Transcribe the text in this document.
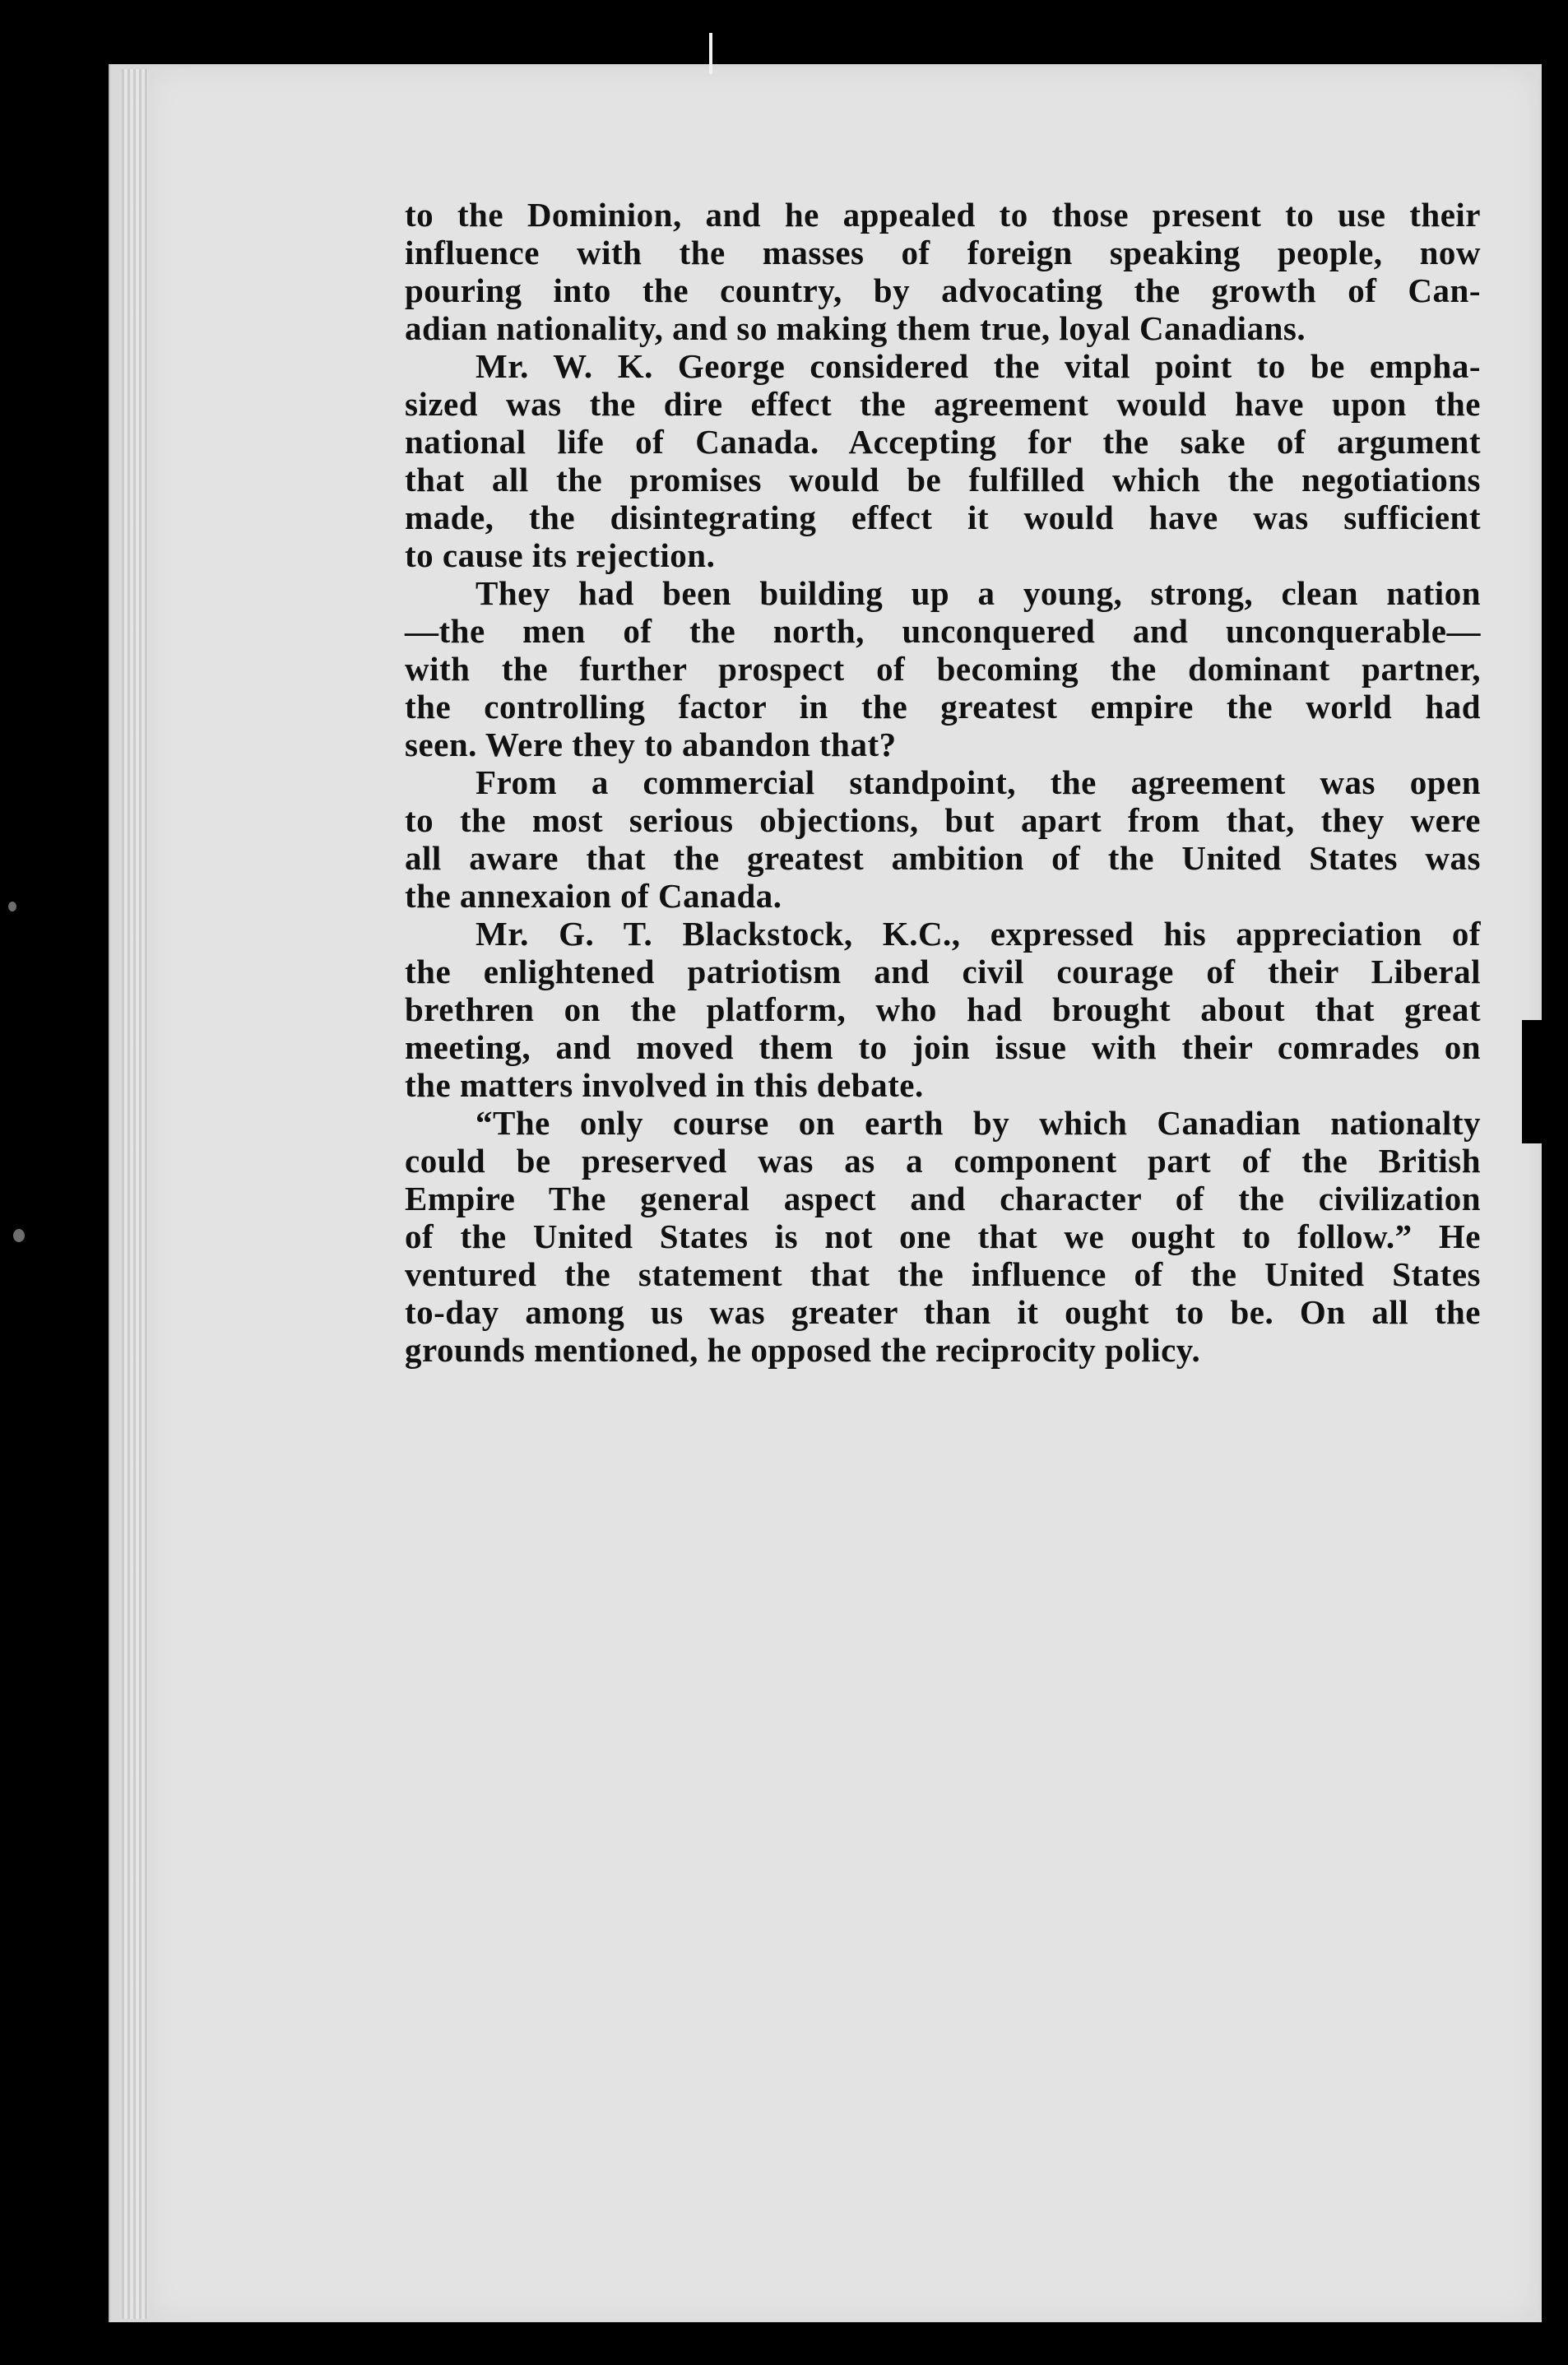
to the Dominion, and he appealed to those present to use their
influence with the masses of foreign speaking people, now
pouring into the country, by advocating the growth of Can-
adian nationality, and so making them true, loyal Canadians.
Mr. W. K. George considered the vital point to be empha-
sized was the dire effect the agreement would have upon the
national life of Canada. Accepting for the sake of argument
that all the promises would be fulfilled which the negotiations
made, the disintegrating effect it would have was sufficient
to cause its rejection.
They had been building up a young, strong, clean nation
—the men of the north, unconquered and unconquerable—
with the further prospect of becoming the dominant partner,
the controlling factor in the greatest empire the world had
seen. Were they to abandon that?
From a commercial standpoint, the agreement was open
to the most serious objections, but apart from that, they were
all aware that the greatest ambition of the United States was
the annexaion of Canada.
Mr. G. T. Blackstock, K.C., expressed his appreciation of
the enlightened patriotism and civil courage of their Liberal
brethren on the platform, who had brought about that great
meeting, and moved them to join issue with their comrades on
the matters involved in this debate.
“The only course on earth by which Canadian nationalty
could be preserved was as a component part of the British
Empire The general aspect and character of the civilization
of the United States is not one that we ought to follow.” He
ventured the statement that the influence of the United States
to-day among us was greater than it ought to be. On all the
grounds mentioned, he opposed the reciprocity policy.
